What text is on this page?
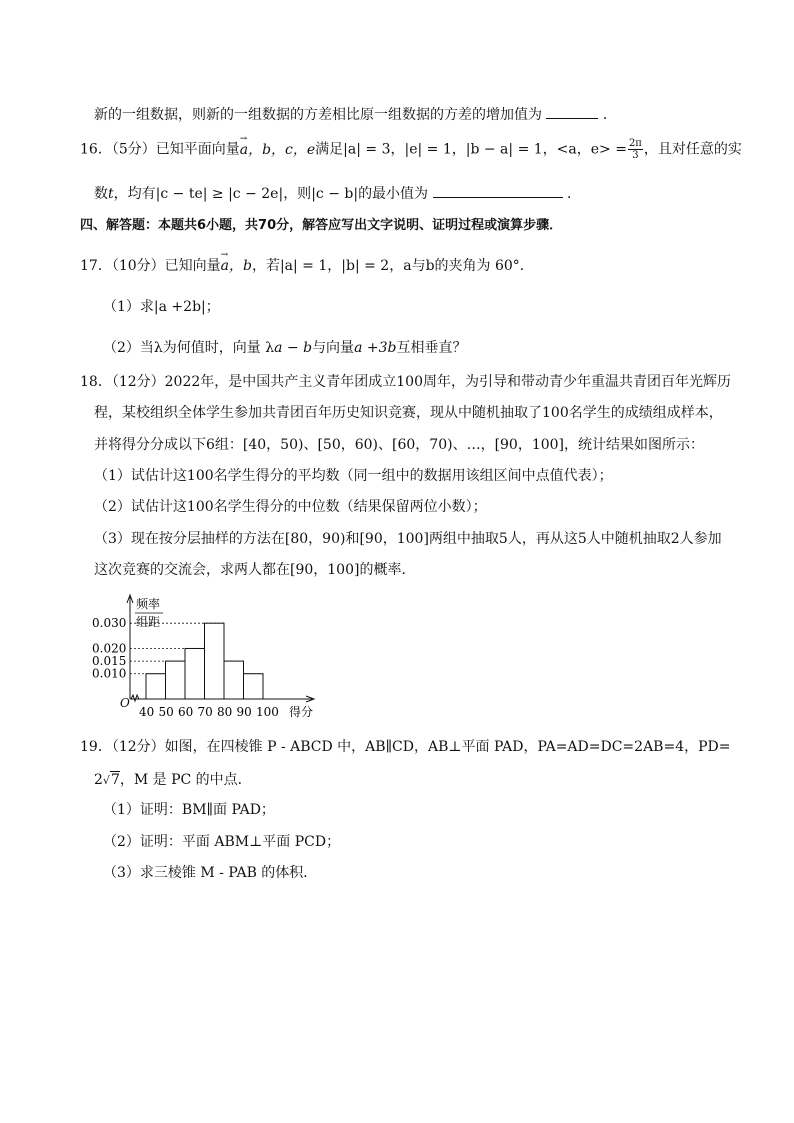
新的一组数据，则新的一组数据的方差相比原一组数据的方差的增加值为	．
16．（5分）已知平面向量→ a，b，c，e满足|a| = 3，|e| = 1，|b − a| = 1，<a，$e> = \frac{2\pi}{3}$ ，且对任意的实
数t，均有|c − te| ≥ |c − 2e|，则|c − b|的最小值为	．
四、解答题：本题共6小题，共70分，解答应写出文字说明、证明过程或演算步骤．
17．（10分）已知向量→ a，b，若|a| = 1，|b| = 2，a与b的夹角为 60°．
（1）求|a +2b|；
（2）当λ为何值时，向量 λa − b与向量a +3b互相垂直？
18．（12分）2022年，是中国共产主义青年团成立100周年，为引导和带动青少年重温共青团百年光辉历
程，某校组织全体学生参加共青团百年历史知识竞赛，现从中随机抽取了100名学生的成绩组成样本，
并将得分分成以下6组：[40，50)、[50，60)、[60，70)、…，[90，100]，统计结果如图所示：
（1）试估计这100名学生得分的平均数（同一组中的数据用该组区间中点值代表）；
（2）试估计这100名学生得分的中位数（结果保留两位小数）；
（3）现在按分层抽样的方法在[80，90)和[90，100]两组中抽取5人，再从这5人中随机抽取2人参加
这次竞赛的交流会，求两人都在[90，100]的概率．
O
频率
组距
0.030
0.020
0.015
0.010
40 50 60 70 80 90 100 得分
19．（12分）如图，在四棱锥 P - ABCD 中，AB∥CD，AB⊥平面 PAD，PA=AD=DC=2AB=4，PD=
2√7，M 是 PC 的中点．
（1）证明：BM∥面 PAD；
（2）证明：平面 ABM⊥平面 PCD；
（3）求三棱锥 M - PAB 的体积．
